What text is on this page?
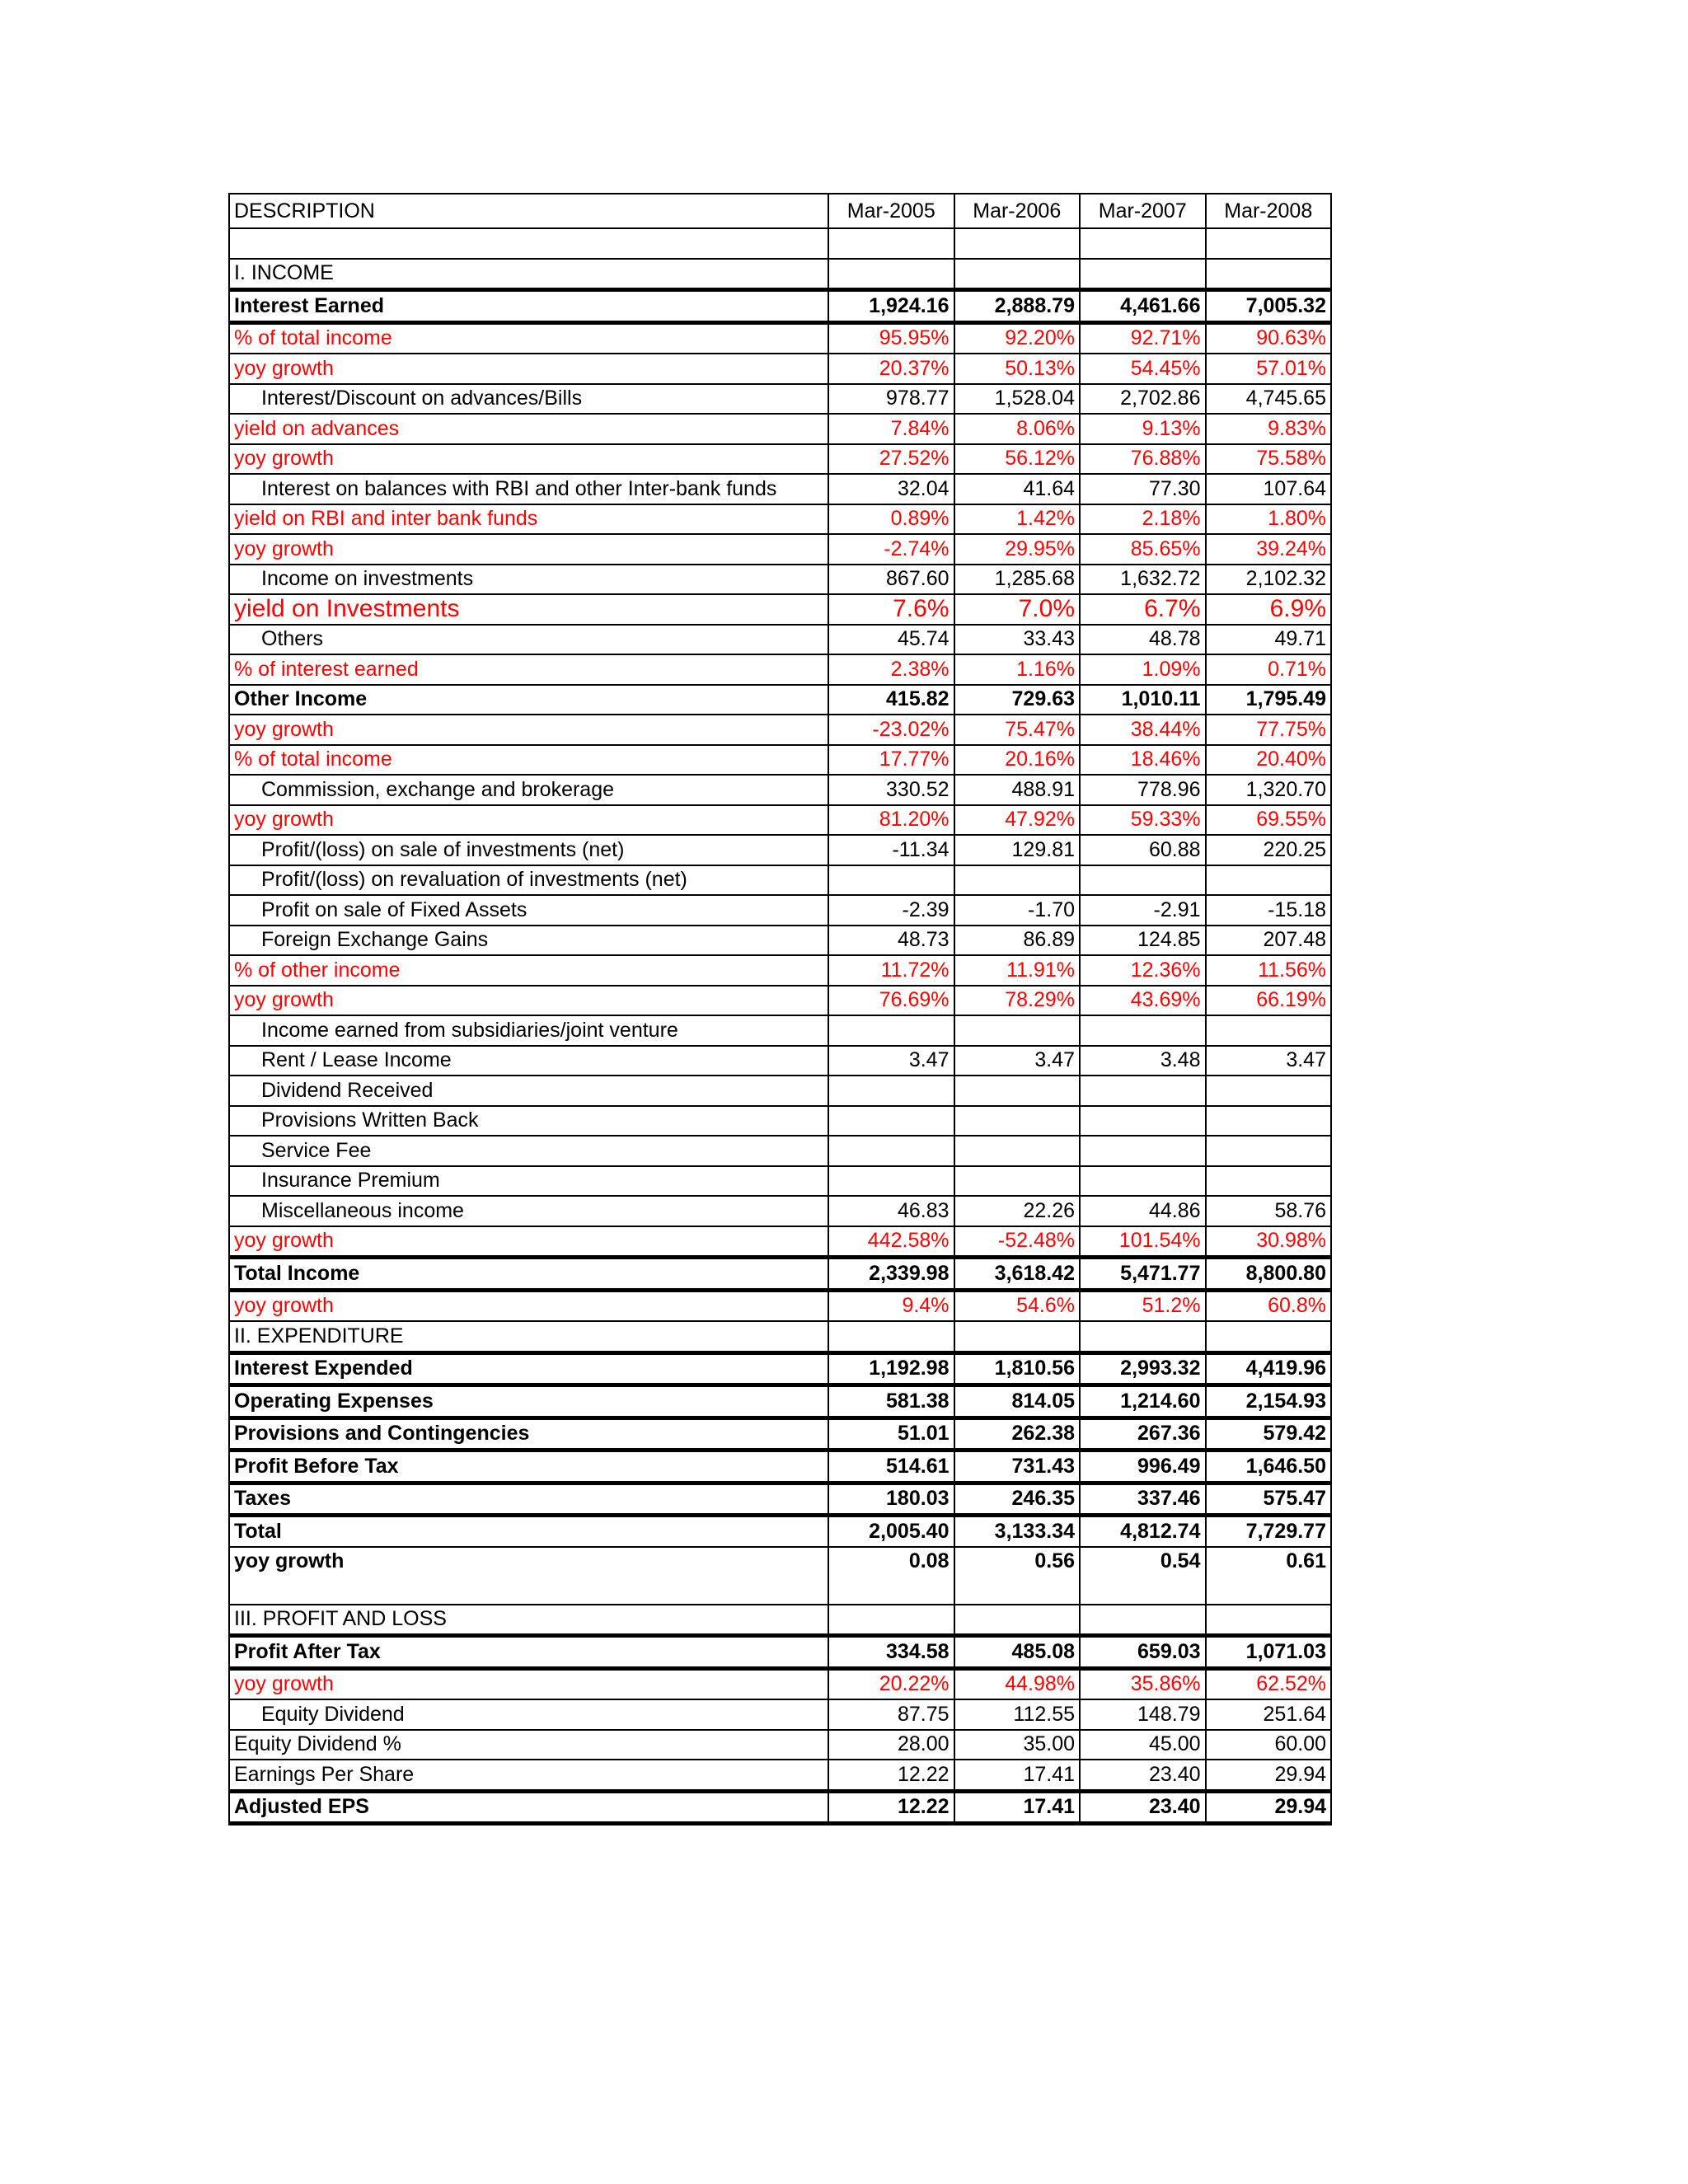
DESCRIPTION	Mar-2005	Mar-2006	Mar-2007	Mar-2008

I. INCOME				
Interest Earned	1,924.16	2,888.79	4,461.66	7,005.32
% of total income	95.95%	92.20%	92.71%	90.63%
yoy growth	20.37%	50.13%	54.45%	57.01%
Interest/Discount on advances/Bills	978.77	1,528.04	2,702.86	4,745.65
yield on advances	7.84%	8.06%	9.13%	9.83%
yoy growth	27.52%	56.12%	76.88%	75.58%
Interest on balances with RBI and other Inter-bank funds	32.04	41.64	77.30	107.64
yield on RBI and inter bank funds	0.89%	1.42%	2.18%	1.80%
yoy growth	-2.74%	29.95%	85.65%	39.24%
Income on investments	867.60	1,285.68	1,632.72	2,102.32
yield on Investments	7.6%	7.0%	6.7%	6.9%
Others	45.74	33.43	48.78	49.71
% of interest earned	2.38%	1.16%	1.09%	0.71%
Other Income	415.82	729.63	1,010.11	1,795.49
yoy growth	-23.02%	75.47%	38.44%	77.75%
% of total income	17.77%	20.16%	18.46%	20.40%
Commission, exchange and brokerage	330.52	488.91	778.96	1,320.70
yoy growth	81.20%	47.92%	59.33%	69.55%
Profit/(loss) on sale of investments (net)	-11.34	129.81	60.88	220.25
Profit/(loss) on revaluation of investments (net)				
Profit on sale of Fixed Assets	-2.39	-1.70	-2.91	-15.18
Foreign Exchange Gains	48.73	86.89	124.85	207.48
% of other income	11.72%	11.91%	12.36%	11.56%
yoy growth	76.69%	78.29%	43.69%	66.19%
Income earned from subsidiaries/joint venture				
Rent / Lease Income	3.47	3.47	3.48	3.47
Dividend Received				
Provisions Written Back				
Service Fee				
Insurance Premium				
Miscellaneous income	46.83	22.26	44.86	58.76
yoy growth	442.58%	-52.48%	101.54%	30.98%
Total Income	2,339.98	3,618.42	5,471.77	8,800.80
yoy growth	9.4%	54.6%	51.2%	60.8%
II. EXPENDITURE				
Interest Expended	1,192.98	1,810.56	2,993.32	4,419.96
Operating Expenses	581.38	814.05	1,214.60	2,154.93
Provisions and Contingencies	51.01	262.38	267.36	579.42
Profit Before Tax	514.61	731.43	996.49	1,646.50
Taxes	180.03	246.35	337.46	575.47
Total	2,005.40	3,133.34	4,812.74	7,729.77
yoy growth	0.08	0.56	0.54	0.61
III. PROFIT AND LOSS				
Profit After Tax	334.58	485.08	659.03	1,071.03
yoy growth	20.22%	44.98%	35.86%	62.52%
Equity Dividend	87.75	112.55	148.79	251.64
Equity Dividend %	28.00	35.00	45.00	60.00
Earnings Per Share	12.22	17.41	23.40	29.94
Adjusted EPS	12.22	17.41	23.40	29.94
